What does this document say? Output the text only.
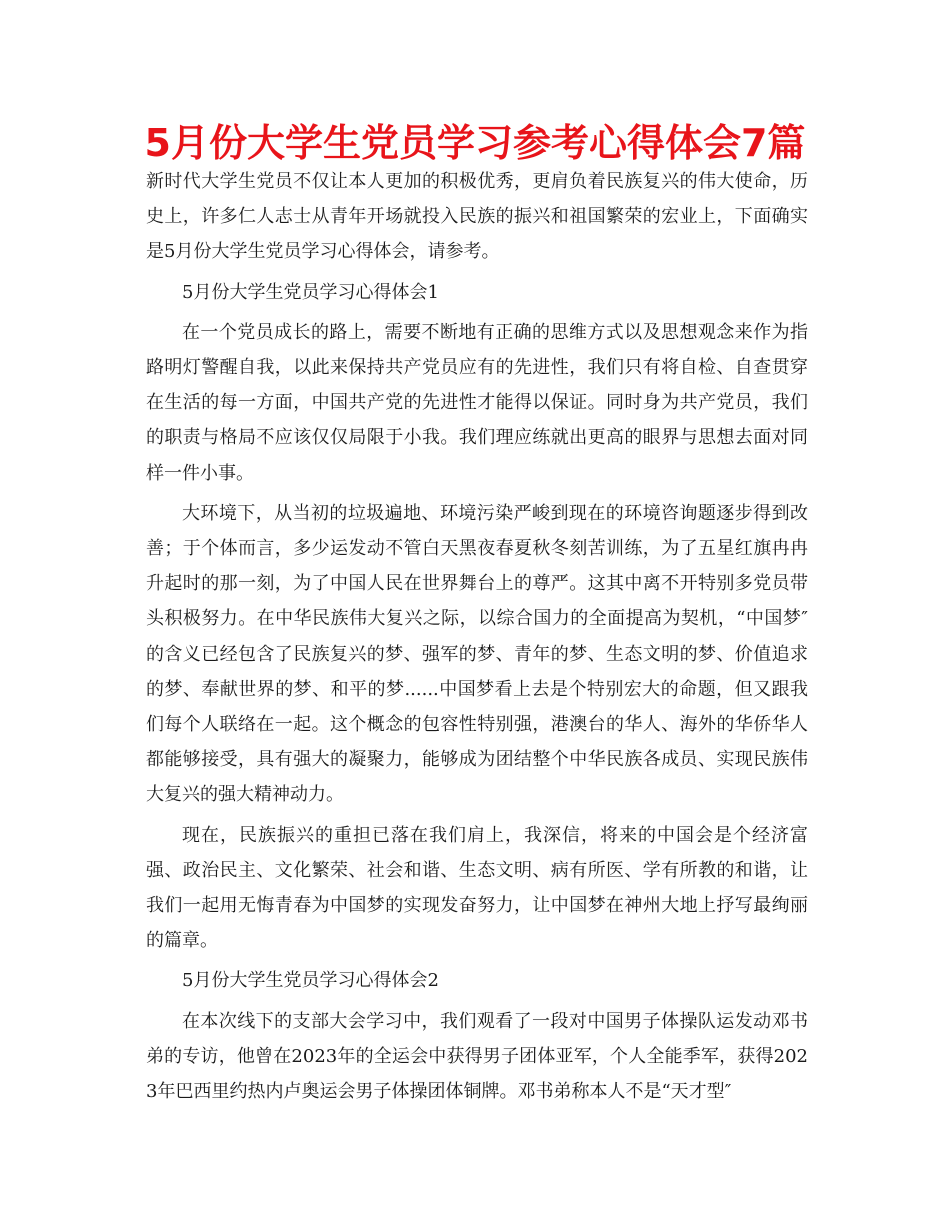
5月份大学生党员学习参考心得体会7篇

新时代大学生党员不仅让本人更加的积极优秀，更肩负着民族复兴的伟大使命，历史上，许多仁人志士从青年开场就投入民族的振兴和祖国繁荣的宏业上，下面确实是5月份大学生党员学习心得体会，请参考。

5月份大学生党员学习心得体会1

在一个党员成长的路上，需要不断地有正确的思维方式以及思想观念来作为指路明灯警醒自我，以此来保持共产党员应有的先进性，我们只有将自检、自查贯穿在生活的每一方面，中国共产党的先进性才能得以保证。同时身为共产党员，我们的职责与格局不应该仅仅局限于小我。我们理应练就出更高的眼界与思想去面对同样一件小事。

大环境下，从当初的垃圾遍地、环境污染严峻到现在的环境咨询题逐步得到改善；于个体而言，多少运发动不管白天黑夜春夏秋冬刻苦训练，为了五星红旗冉冉升起时的那一刻，为了中国人民在世界舞台上的尊严。这其中离不开特别多党员带头积极努力。在中华民族伟大复兴之际，以综合国力的全面提高为契机，“中国梦″的含义已经包含了民族复兴的梦、强军的梦、青年的梦、生态文明的梦、价值追求的梦、奉献世界的梦、和平的梦......中国梦看上去是个特别宏大的命题，但又跟我们每个人联络在一起。这个概念的包容性特别强，港澳台的华人、海外的华侨华人都能够接受，具有强大的凝聚力，能够成为团结整个中华民族各成员、实现民族伟大复兴的强大精神动力。

现在，民族振兴的重担已落在我们肩上，我深信，将来的中国会是个经济富强、政治民主、文化繁荣、社会和谐、生态文明、病有所医、学有所教的和谐，让我们一起用无悔青春为中国梦的实现发奋努力，让中国梦在神州大地上抒写最绚丽的篇章。

5月份大学生党员学习心得体会2

在本次线下的支部大会学习中，我们观看了一段对中国男子体操队运发动邓书弟的专访，他曾在2023年的全运会中获得男子团体亚军，个人全能季军，获得2023年巴西里约热内卢奥运会男子体操团体铜牌。邓书弟称本人不是“天才型″
